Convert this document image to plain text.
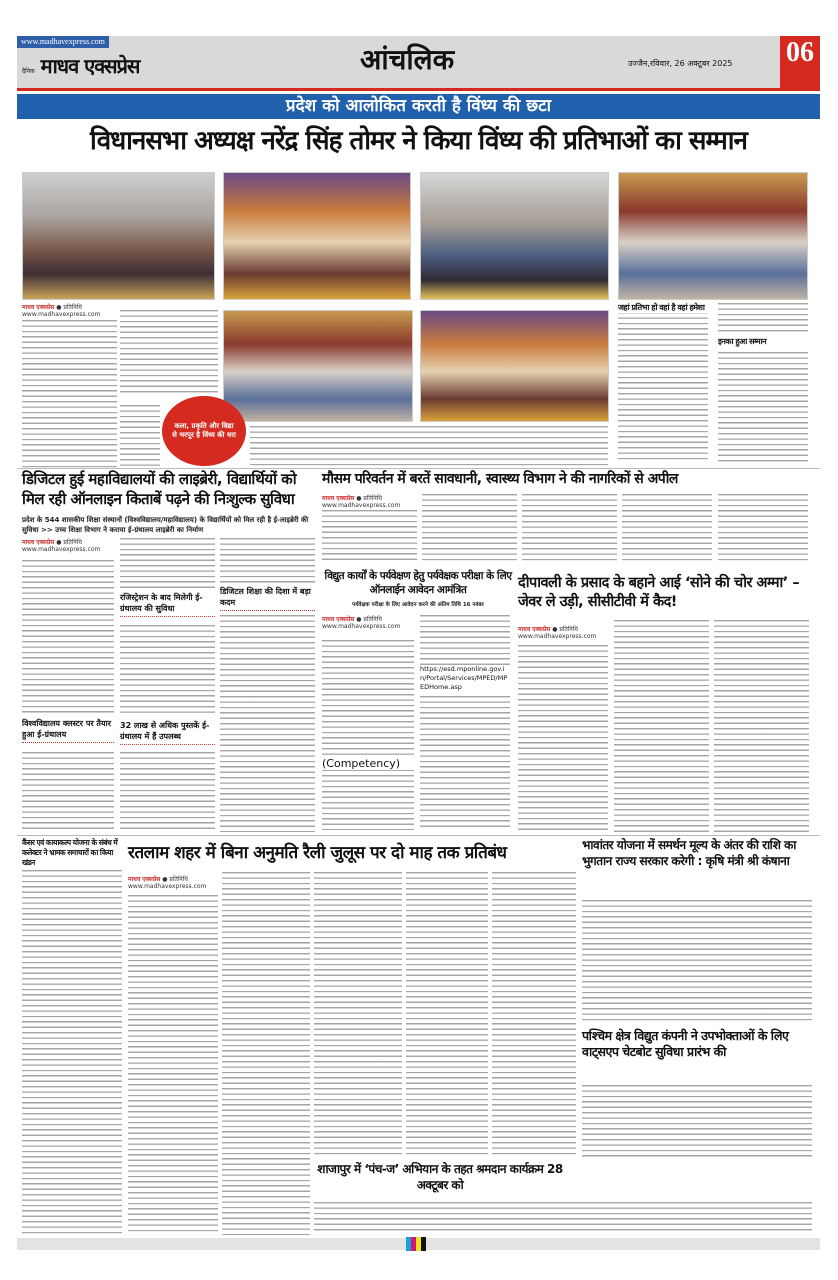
www.madhavexpress.com
दैनिक माधव एक्सप्रेस	आंचलिक	उज्जैन,रविवार, 26 अक्टूबर 2025 06
प्रदेश को आलोकित करती है विंध्य की छटा
विधानसभा अध्यक्ष नरेंद्र सिंह तोमर ने किया विंध्य की प्रतिभाओं का सम्मान
माधव एक्सप्रेस ● प्रतिनिधि
www.madhavexpress.com
कला, प्रकृति और विद्या से भरपूर है विंध्य की धरा
जहां प्रतिभा हो वहां है वहां हमेशा
इनका हुआ सम्मान
डिजिटल हुई महाविद्यालयों की लाइब्रेरी, विद्यार्थियों को मिल रही ऑनलाइन किताबें पढ़ने की निःशुल्क सुविधा
प्रदेश के 544 शासकीय शिक्षा संस्थानों (विश्वविद्यालय/महाविद्यालय) के विद्यार्थियों को मिल रही है ई-लाइब्रेरी की सुविधा >> उच्च शिक्षा विभाग ने कराया ई-ग्रंथालय लाइब्रेरी का निर्माण
माधव एक्सप्रेस ● प्रतिनिधि
www.madhavexpress.com
विश्वविद्यालय क्लस्टर पर तैयार हुआ ई-ग्रंथालय
रजिस्ट्रेशन के बाद मिलेगी ई-ग्रंथालय की सुविधा
32 लाख से अधिक पुस्तकें ई-ग्रंथालय में हैं उपलब्ध
डिजिटल शिक्षा की दिशा में बड़ा कदम
मौसम परिवर्तन में बरतें सावधानी, स्वास्थ्य विभाग ने की नागरिकों से अपील
माधव एक्सप्रेस ● प्रतिनिधि
www.madhavexpress.com
विद्युत कार्यों के पर्यवेक्षण हेतु पर्यवेक्षक परीक्षा के लिए ऑनलाईन आवेदन आमंत्रित
पर्यवेक्षक परीक्षा के लिए आवेदन करने की अंतिम तिथि 16 नवंबर
माधव एक्सप्रेस ● प्रतिनिधि
www.madhavexpress.com
(Competency)
https://esd.mponline.gov.in/Portal/Services/MPED/MPEDHome.asp
दीपावली के प्रसाद के बहाने आई ‘सोने की चोर अम्मा’ –जेवर ले उड़ी, सीसीटीवी में कैद!
माधव एक्सप्रेस ● प्रतिनिधि
www.madhavexpress.com
कैंसर एवं कायाकल्प योजना के संबंध में कलेक्टर ने भ्रामक समाचारों का किया खंडन	रतलाम शहर में बिना अनुमति रैली जुलूस पर दो माह तक प्रतिबंध
माधव एक्सप्रेस ● प्रतिनिधि
www.madhavexpress.com
शाजापुर में ‘पंच-ज’ अभियान के तहत श्रमदान कार्यक्रम 28 अक्टूबर को
भावांतर योजना में समर्थन मूल्य के अंतर की राशि का भुगतान राज्य सरकार करेगी : कृषि मंत्री श्री कंषाना
पश्चिम क्षेत्र विद्युत कंपनी ने उपभोक्ताओं के लिए वाट्सएप चेटबोट सुविधा प्रारंभ की
